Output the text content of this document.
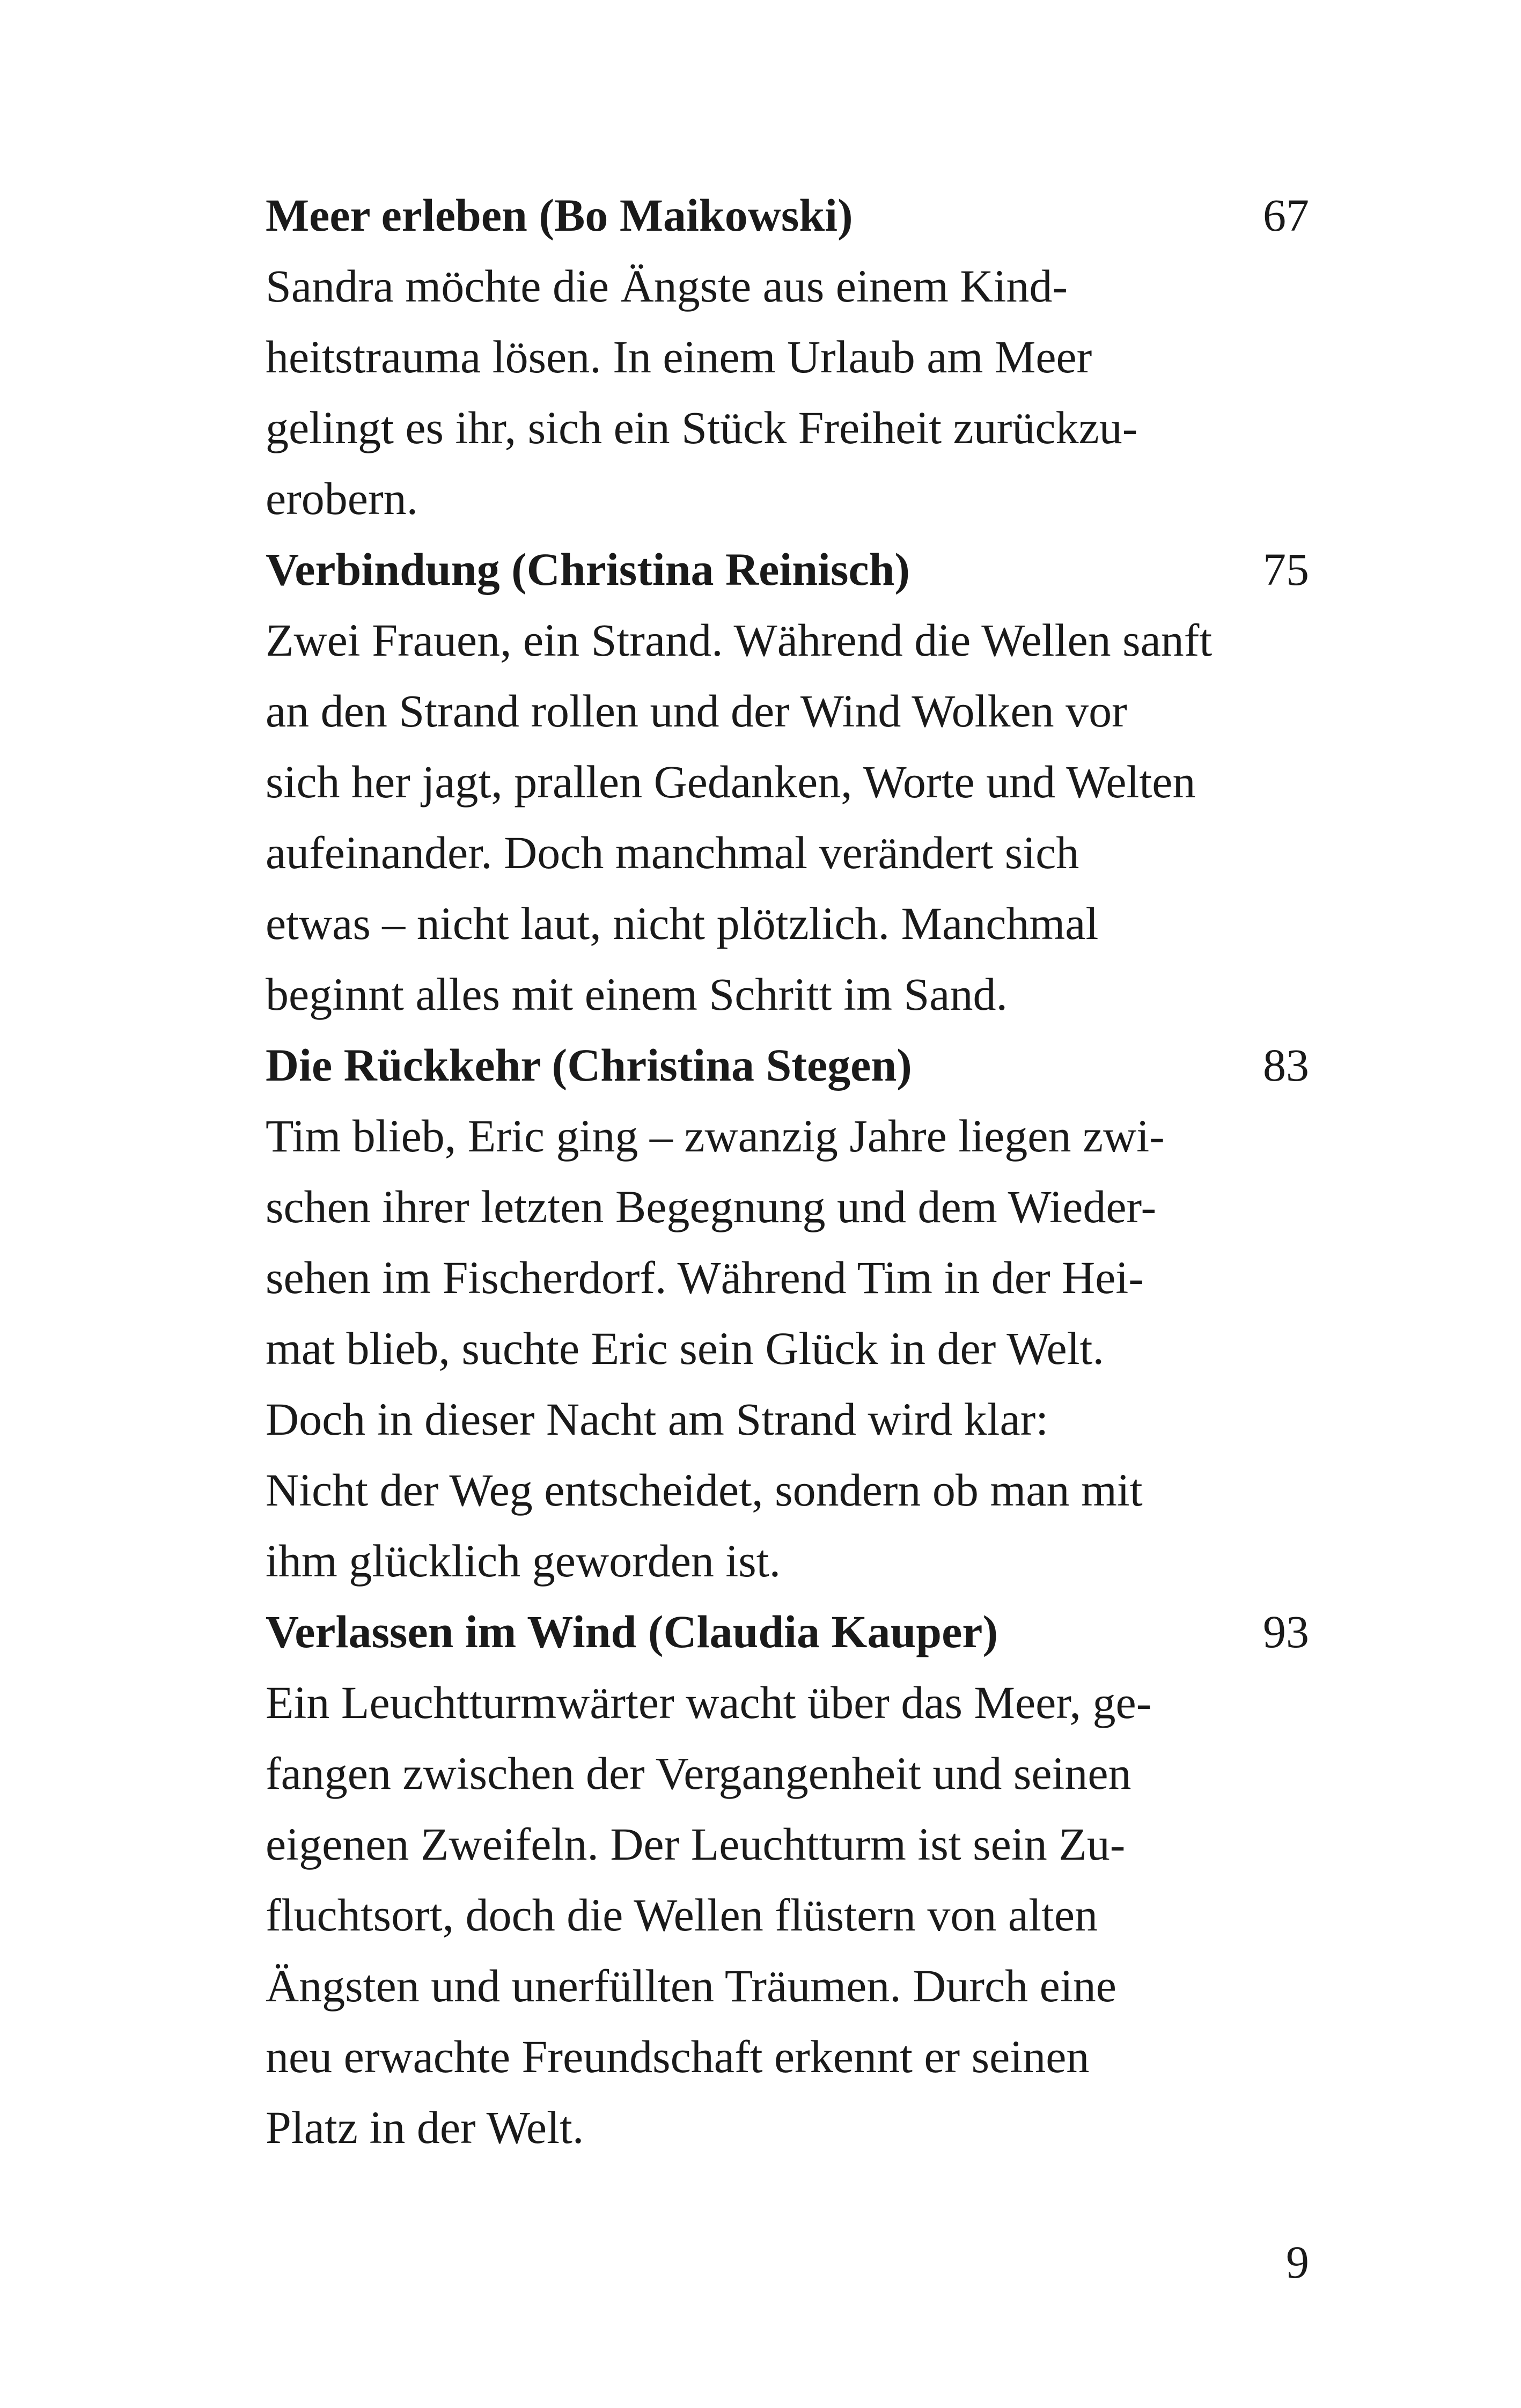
Meer erleben (Bo Maikowski)	67
Sandra möchte die Ängste aus einem Kind-
heitstrauma lösen. In einem Urlaub am Meer
gelingt es ihr, sich ein Stück Freiheit zurückzu-
erobern.
Verbindung (Christina Reinisch)	75
Zwei Frauen, ein Strand. Während die Wellen sanft
an den Strand rollen und der Wind Wolken vor
sich her jagt, prallen Gedanken, Worte und Welten
aufeinander. Doch manchmal verändert sich
etwas – nicht laut, nicht plötzlich. Manchmal
beginnt alles mit einem Schritt im Sand.
Die Rückkehr (Christina Stegen)	83
Tim blieb, Eric ging – zwanzig Jahre liegen zwi-
schen ihrer letzten Begegnung und dem Wieder-
sehen im Fischerdorf. Während Tim in der Hei-
mat blieb, suchte Eric sein Glück in der Welt.
Doch in dieser Nacht am Strand wird klar:
Nicht der Weg entscheidet, sondern ob man mit
ihm glücklich geworden ist.
Verlassen im Wind (Claudia Kauper)	93
Ein Leuchtturmwärter wacht über das Meer, ge-
fangen zwischen der Vergangenheit und seinen
eigenen Zweifeln. Der Leuchtturm ist sein Zu-
fluchtsort, doch die Wellen flüstern von alten
Ängsten und unerfüllten Träumen. Durch eine
neu erwachte Freundschaft erkennt er seinen
Platz in der Welt.
9
